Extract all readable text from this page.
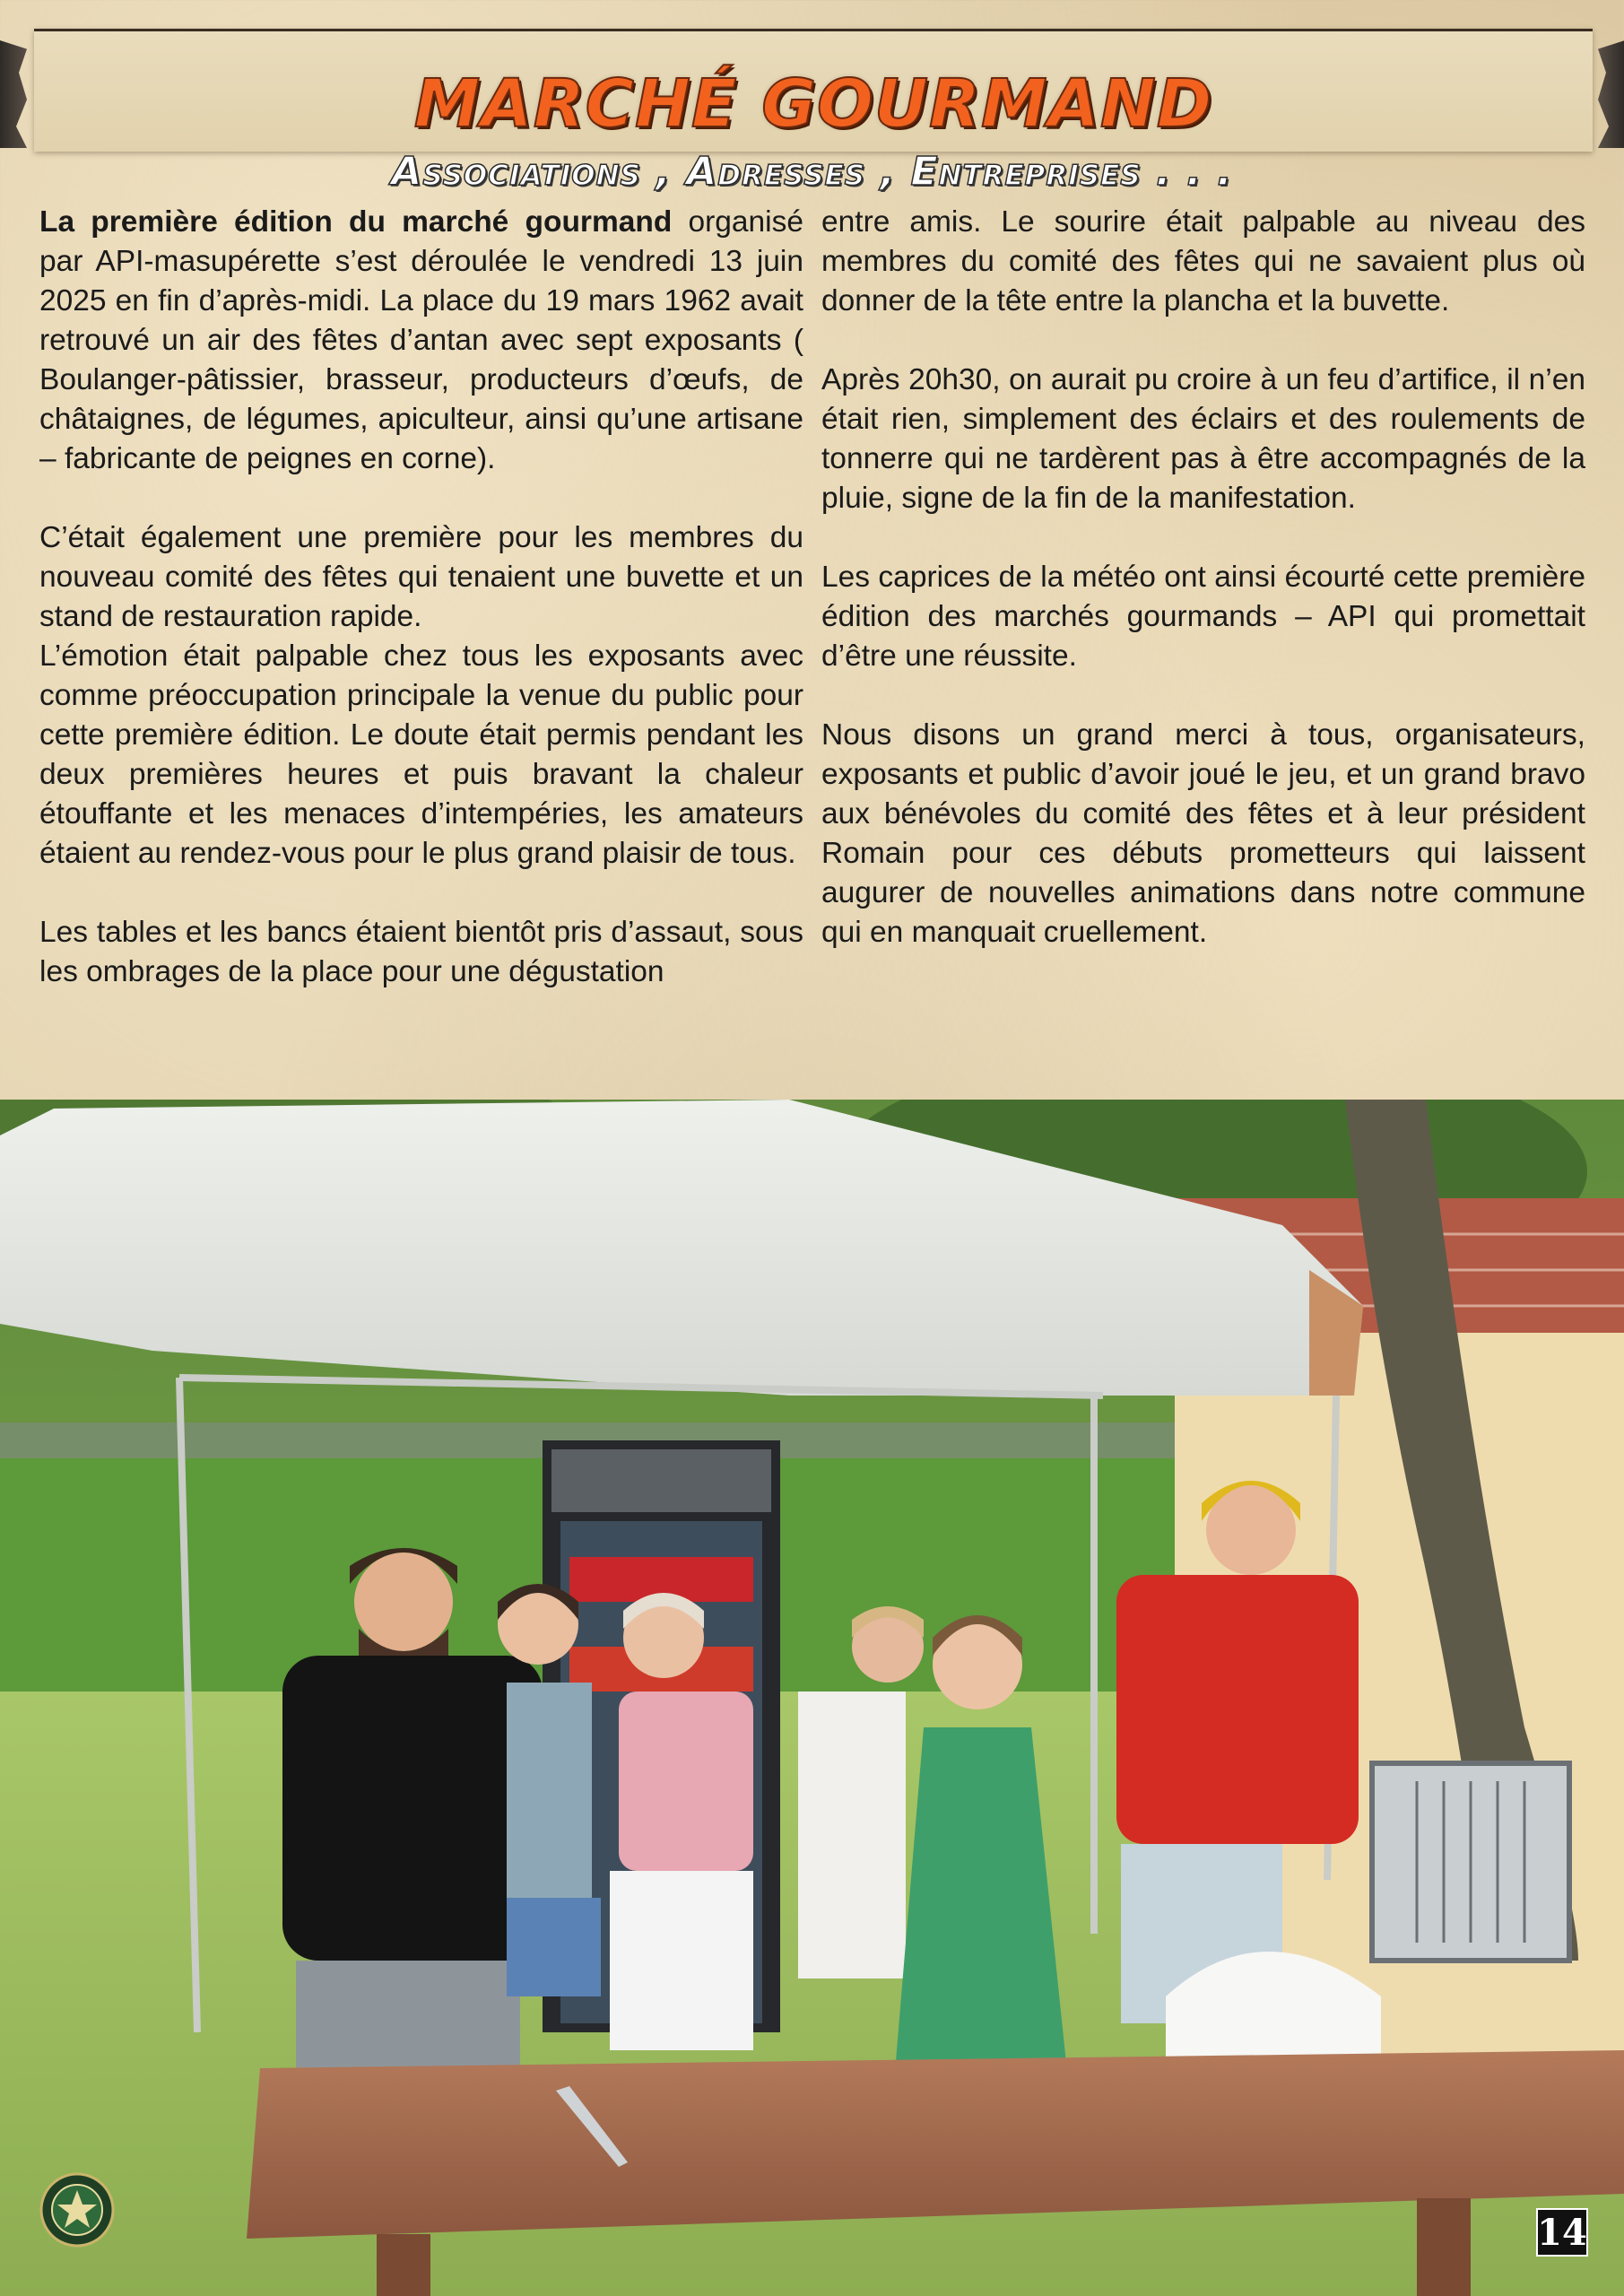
MARCHÉ GOURMAND
Associations , Adresses , Entreprises . . .

La première édition du marché gourmand organisé par API-masupérette s’est déroulée le vendredi 13 juin 2025 en fin d’après-midi. La place du 19 mars 1962 avait retrouvé un air des fêtes d’antan avec sept exposants ( Boulanger-pâtissier, brasseur, producteurs d’œufs, de châtaignes, de légumes, apiculteur, ainsi qu’une artisane – fabricante de peignes en corne).

C’était également une première pour les membres du nouveau comité des fêtes qui tenaient une buvette et un stand de restauration rapide.

L’émotion était palpable chez tous les exposants avec comme préoccupation principale la venue du public pour cette première édition. Le doute était permis pendant les deux premières heures et puis bravant la chaleur étouffante et les menaces d’intempéries, les amateurs étaient au rendez-vous pour le plus grand plaisir de tous.

Les tables et les bancs étaient bientôt pris d’assaut, sous les ombrages de la place pour une dégustation

entre amis. Le sourire était palpable au niveau des membres du comité des fêtes qui ne savaient plus où donner de la tête entre la plancha et la buvette.

Après 20h30, on aurait pu croire à un feu d’artifice, il n’en était rien, simplement des éclairs et des roulements de tonnerre qui ne tardèrent pas à être accompagnés de la pluie, signe de la fin de la manifestation.

Les caprices de la météo ont ainsi écourté cette première édition des marchés gourmands – API qui promettait d’être une réussite.

Nous disons un grand merci à tous, organisateurs, exposants et public d’avoir joué le jeu, et un grand bravo aux bénévoles du comité des fêtes et à leur président Romain pour ces débuts prometteurs qui laissent augurer de nouvelles animations dans notre commune qui en manquait cruellement.

14
